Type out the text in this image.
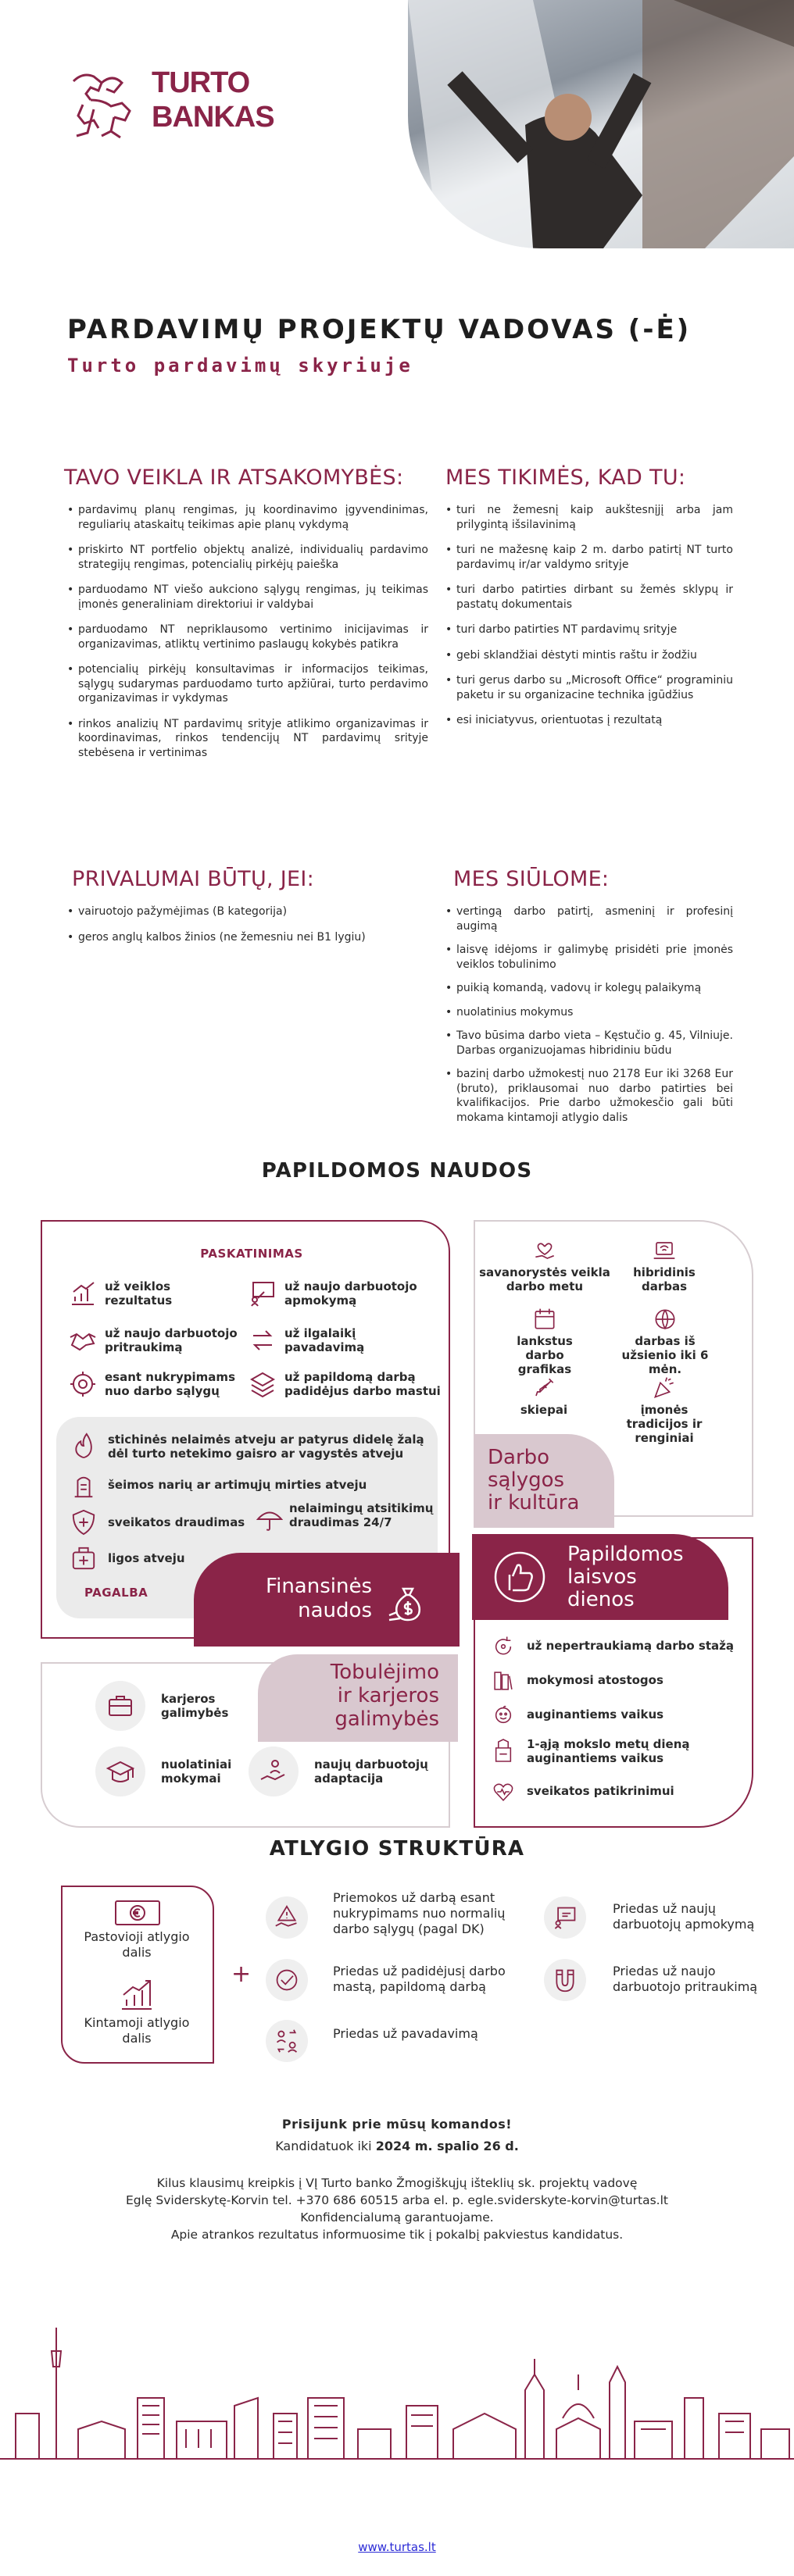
TURTO
BANKAS
PARDAVIMŲ PROJEKTŲ VADOVAS (-Ė)
Turto pardavimų skyriuje
TAVO VEIKLA IR ATSAKOMYBĖS:
• pardavimų planų rengimas, jų koordinavimo įgyvendinimas, reguliarių ataskaitų teikimas apie planų vykdymą
• priskirto NT portfelio objektų analizė, individualių pardavimo strategijų rengimas, potencialių pirkėjų paieška
• parduodamo NT viešo aukciono sąlygų rengimas, jų teikimas įmonės generaliniam direktoriui ir valdybai
• parduodamo NT nepriklausomo vertinimo inicijavimas ir organizavimas, atliktų vertinimo paslaugų kokybės patikra
• potencialių pirkėjų konsultavimas ir informacijos teikimas, sąlygų sudarymas parduodamo turto apžiūrai, turto perdavimo organizavimas ir vykdymas
• rinkos analizių NT pardavimų srityje atlikimo organizavimas ir koordinavimas, rinkos tendencijų NT pardavimų srityje stebėsena ir vertinimas
MES TIKIMĖS, KAD TU:
• turi ne žemesnį kaip aukštesnįjį arba jam prilygintą išsilavinimą
• turi ne mažesnę kaip 2 m. darbo patirtį NT turto pardavimų ir/ar valdymo srityje
• turi darbo patirties dirbant su žemės sklypų ir pastatų dokumentais
• turi darbo patirties NT pardavimų srityje
• gebi sklandžiai dėstyti mintis raštu ir žodžiu
• turi gerus darbo su „Microsoft Office“ programiniu paketu ir su organizacine technika įgūdžius
• esi iniciatyvus, orientuotas į rezultatą
PRIVALUMAI BŪTŲ, JEI:
• vairuotojo pažymėjimas (B kategorija)
• geros anglų kalbos žinios (ne žemesniu nei B1 lygiu)
MES SIŪLOME:
• vertingą darbo patirtį, asmeninį ir profesinį augimą
• laisvę idėjoms ir galimybę prisidėti prie įmonės veiklos tobulinimo
• puikią komandą, vadovų ir kolegų palaikymą
• nuolatinius mokymus
• Tavo būsima darbo vieta – Kęstučio g. 45, Vilniuje. Darbas organizuojamas hibridiniu būdu
• bazinį darbo užmokestį nuo 2178 Eur iki 3268 Eur (bruto), priklausomai nuo darbo patirties bei kvalifikacijos. Prie darbo užmokesčio gali būti mokama kintamoji atlygio dalis
PAPILDOMOS NAUDOS
PASKATINIMAS
už veiklos rezultatus
už naujo darbuotojo apmokymą
už naujo darbuotojo pritraukimą
už ilgalaikį pavadavimą
esant nukrypimams nuo darbo sąlygų
už papildomą darbą padidėjus darbo mastui
stichinės nelaimės atveju ar patyrus didelę žalą dėl turto netekimo gaisro ar vagystės atveju
šeimos narių ar artimųjų mirties atveju
sveikatos draudimas
nelaimingų atsitikimų draudimas 24/7
ligos atveju
PAGALBA	Finansinės
naudos
savanorystės veikla darbo metu
hibridinis darbas
lankstus darbo grafikas
darbas iš užsienio iki 6 mėn.
skiepai	įmonės tradicijos ir renginiai
Darbo
sąlygos
ir kultūra
Papildomos
laisvos
dienos
už nepertraukiamą darbo stažą
mokymosi atostogos
auginantiems vaikus
1-ąją mokslo metų dieną auginantiems vaikus
sveikatos patikrinimui
Tobulėjimo
ir karjeros
galimybės
karjeros galimybės
nuolatiniai mokymai
naujų darbuotojų adaptacija
ATLYGIO STRUKTŪRA
Pastovioji atlygio dalis
Kintamoji atlygio dalis
+
Priemokos už darbą esant nukrypimams nuo normalių darbo sąlygų (pagal DK)
Priedas už naujų darbuotojų apmokymą
Priedas už padidėjusį darbo mastą, papildomą darbą
Priedas už naujo darbuotojo pritraukimą
Priedas už pavadavimą
Prisijunk prie mūsų komandos!
Kandidatuok iki 2024 m. spalio 26 d.
Kilus klausimų kreipkis į VĮ Turto banko Žmogiškųjų išteklių sk. projektų vadovę
Eglę Sviderskytę-Korvin tel. +370 686 60515 arba el. p. egle.sviderskyte-korvin@turtas.lt
Konfidencialumą garantuojame.
Apie atrankos rezultatus informuosime tik į pokalbį pakviestus kandidatus.
www.turtas.lt
